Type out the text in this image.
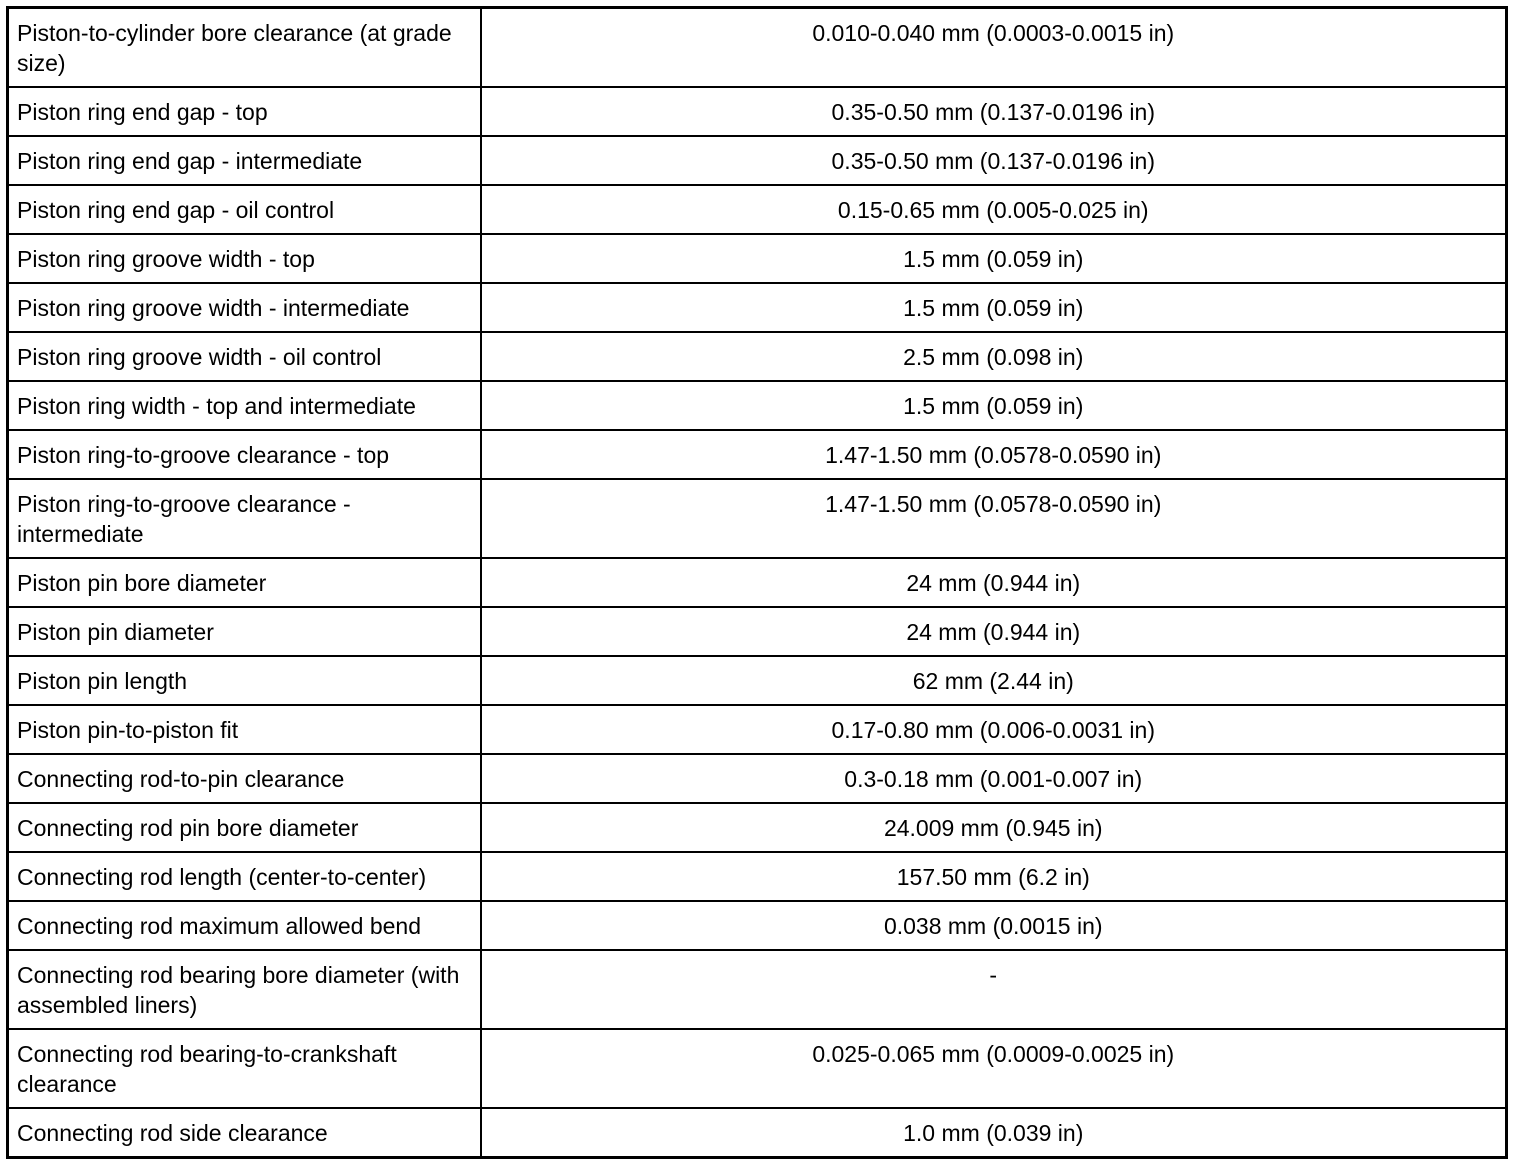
Piston-to-cylinder bore clearance (at grade size)	0.010-0.040 mm (0.0003-0.0015 in)
Piston ring end gap - top	0.35-0.50 mm (0.137-0.0196 in)
Piston ring end gap - intermediate	0.35-0.50 mm (0.137-0.0196 in)
Piston ring end gap - oil control	0.15-0.65 mm (0.005-0.025 in)
Piston ring groove width - top	1.5 mm (0.059 in)
Piston ring groove width - intermediate	1.5 mm (0.059 in)
Piston ring groove width - oil control	2.5 mm (0.098 in)
Piston ring width - top and intermediate	1.5 mm (0.059 in)
Piston ring-to-groove clearance - top	1.47-1.50 mm (0.0578-0.0590 in)
Piston ring-to-groove clearance - intermediate	1.47-1.50 mm (0.0578-0.0590 in)
Piston pin bore diameter	24 mm (0.944 in)
Piston pin diameter	24 mm (0.944 in)
Piston pin length	62 mm (2.44 in)
Piston pin-to-piston fit	0.17-0.80 mm (0.006-0.0031 in)
Connecting rod-to-pin clearance	0.3-0.18 mm (0.001-0.007 in)
Connecting rod pin bore diameter	24.009 mm (0.945 in)
Connecting rod length (center-to-center)	157.50 mm (6.2 in)
Connecting rod maximum allowed bend	0.038 mm (0.0015 in)
Connecting rod bearing bore diameter (with assembled liners)	-
Connecting rod bearing-to-crankshaft clearance	0.025-0.065 mm (0.0009-0.0025 in)
Connecting rod side clearance	1.0 mm (0.039 in)
